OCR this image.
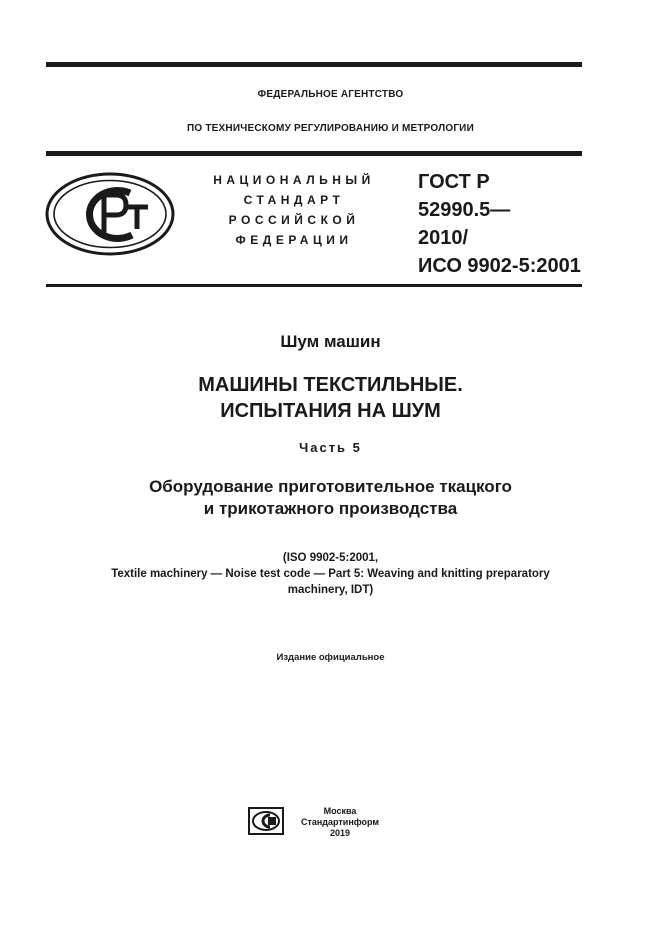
ФЕДЕРАЛЬНОЕ АГЕНТСТВО
ПО ТЕХНИЧЕСКОМУ РЕГУЛИРОВАНИЮ И МЕТРОЛОГИИ
НАЦИОНАЛЬНЫЙ
СТАНДАРТ
РОССИЙСКОЙ
ФЕДЕРАЦИИ
ГОСТ Р
52990.5—
2010/
ИСО 9902-5:2001
Шум машин
МАШИНЫ ТЕКСТИЛЬНЫЕ.
ИСПЫТАНИЯ НА ШУМ
Часть 5
Оборудование приготовительное ткацкого
и трикотажного производства
(ISO 9902-5:2001,
Textile machinery — Noise test code — Part 5: Weaving and knitting preparatory
machinery, IDT)
Издание официальное
Москва
Стандартинформ
2019
